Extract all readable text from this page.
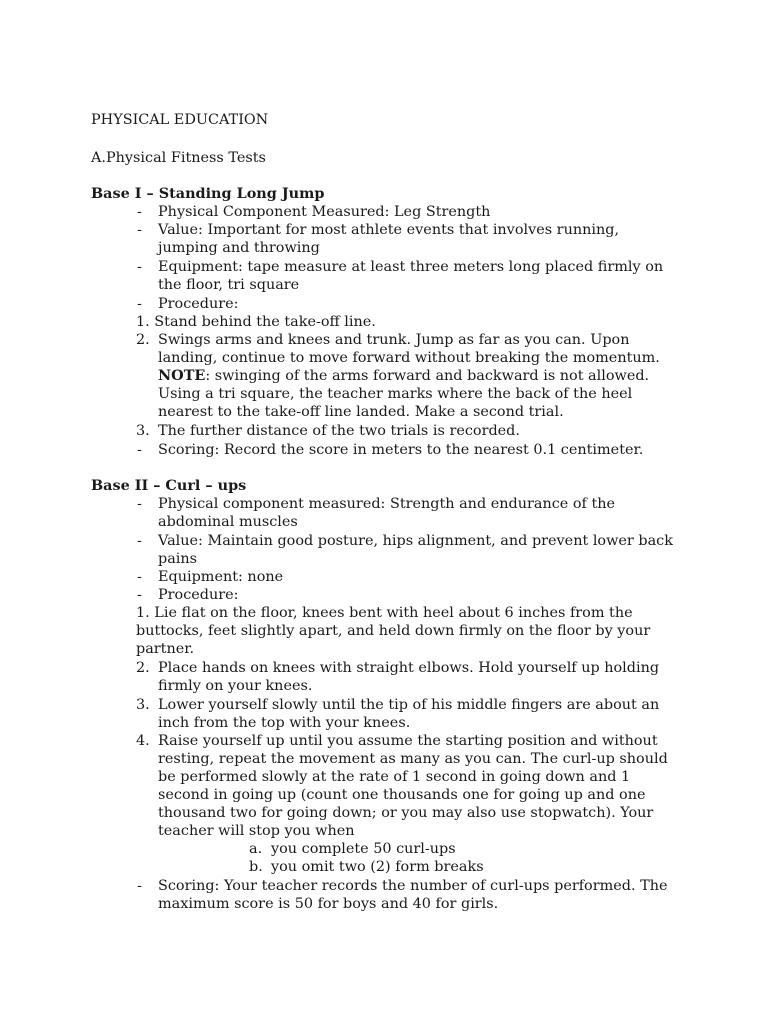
PHYSICAL EDUCATION
A.Physical Fitness Tests
Base I – Standing Long Jump
- Physical Component Measured: Leg Strength
- Value: Important for most athlete events that involves running,
jumping and throwing
- Equipment: tape measure at least three meters long placed firmly on
the floor, tri square
- Procedure:
1. Stand behind the take-off line.
2. Swings arms and knees and trunk. Jump as far as you can. Upon
landing, continue to move forward without breaking the momentum.
NOTE: swinging of the arms forward and backward is not allowed.
Using a tri square, the teacher marks where the back of the heel
nearest to the take-off line landed. Make a second trial.
3. The further distance of the two trials is recorded.
- Scoring: Record the score in meters to the nearest 0.1 centimeter.
Base II – Curl – ups
- Physical component measured: Strength and endurance of the
abdominal muscles
- Value: Maintain good posture, hips alignment, and prevent lower back
pains
- Equipment: none
- Procedure:
1. Lie flat on the floor, knees bent with heel about 6 inches from the
buttocks, feet slightly apart, and held down firmly on the floor by your
partner.
2. Place hands on knees with straight elbows. Hold yourself up holding
firmly on your knees.
3. Lower yourself slowly until the tip of his middle fingers are about an
inch from the top with your knees.
4. Raise yourself up until you assume the starting position and without
resting, repeat the movement as many as you can. The curl-up should
be performed slowly at the rate of 1 second in going down and 1
second in going up (count one thousands one for going up and one
thousand two for going down; or you may also use stopwatch). Your
teacher will stop you when
a. you complete 50 curl-ups
b. you omit two (2) form breaks
- Scoring: Your teacher records the number of curl-ups performed. The
maximum score is 50 for boys and 40 for girls.
